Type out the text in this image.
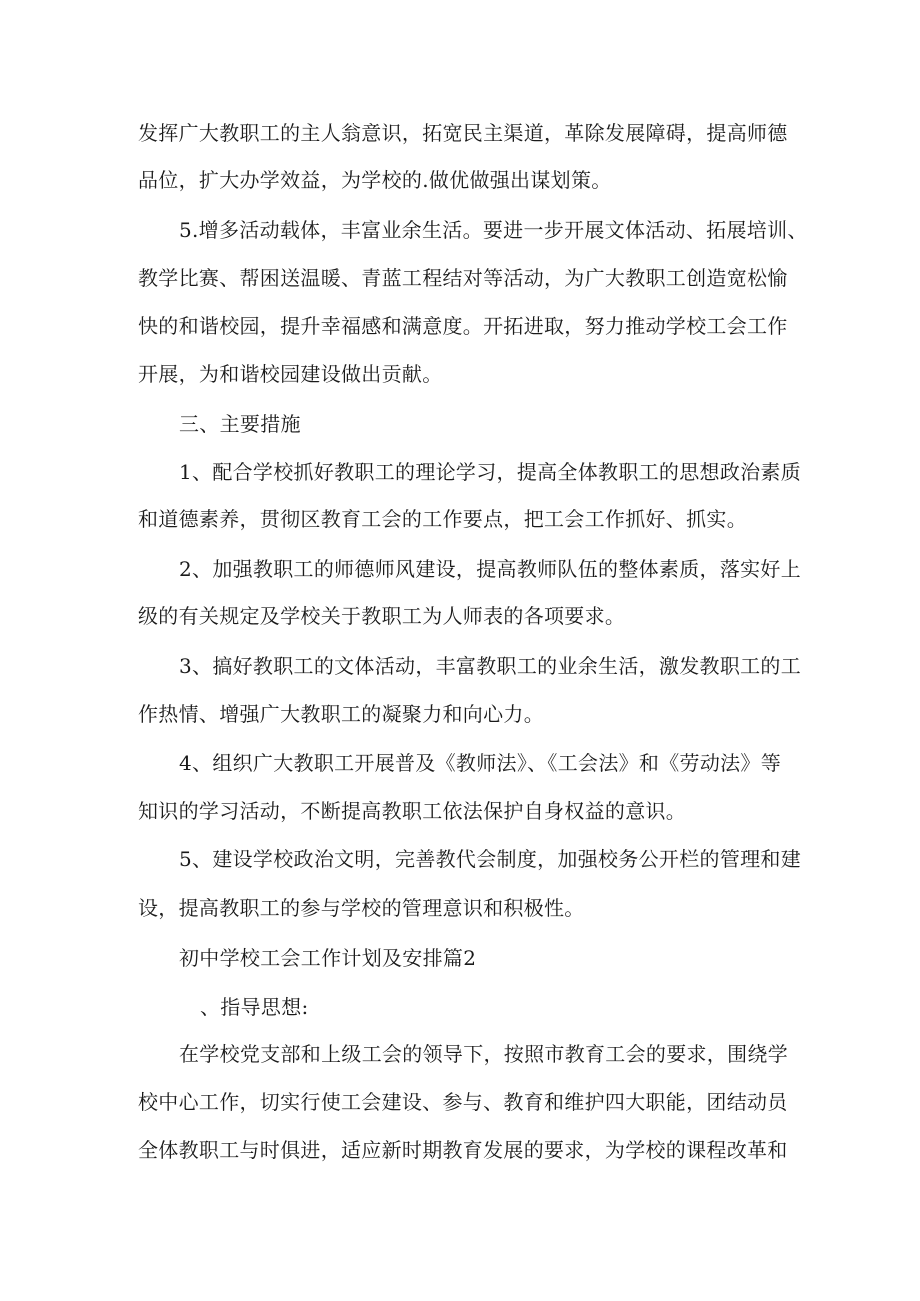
发挥广大教职工的主人翁意识，拓宽民主渠道，革除发展障碍，提高师德
品位，扩大办学效益，为学校的.做优做强出谋划策。
5.增多活动载体，丰富业余生活。要进一步开展文体活动、拓展培训、
教学比赛、帮困送温暖、青蓝工程结对等活动，为广大教职工创造宽松愉
快的和谐校园，提升幸福感和满意度。开拓进取，努力推动学校工会工作
开展，为和谐校园建设做出贡献。
三、主要措施
1、配合学校抓好教职工的理论学习，提高全体教职工的思想政治素质
和道德素养，贯彻区教育工会的工作要点，把工会工作抓好、抓实。
2、加强教职工的师德师风建设，提高教师队伍的整体素质，落实好上
级的有关规定及学校关于教职工为人师表的各项要求。
3、搞好教职工的文体活动，丰富教职工的业余生活，激发教职工的工
作热情、增强广大教职工的凝聚力和向心力。
4、组织广大教职工开展普及《教师法》、《工会法》和《劳动法》等
知识的学习活动，不断提高教职工依法保护自身权益的意识。
5、建设学校政治文明，完善教代会制度，加强校务公开栏的管理和建
设，提高教职工的参与学校的管理意识和积极性。
初中学校工会工作计划及安排篇2
、指导思想:
在学校党支部和上级工会的领导下，按照市教育工会的要求，围绕学
校中心工作，切实行使工会建设、参与、教育和维护四大职能，团结动员
全体教职工与时俱进，适应新时期教育发展的要求，为学校的课程改革和
